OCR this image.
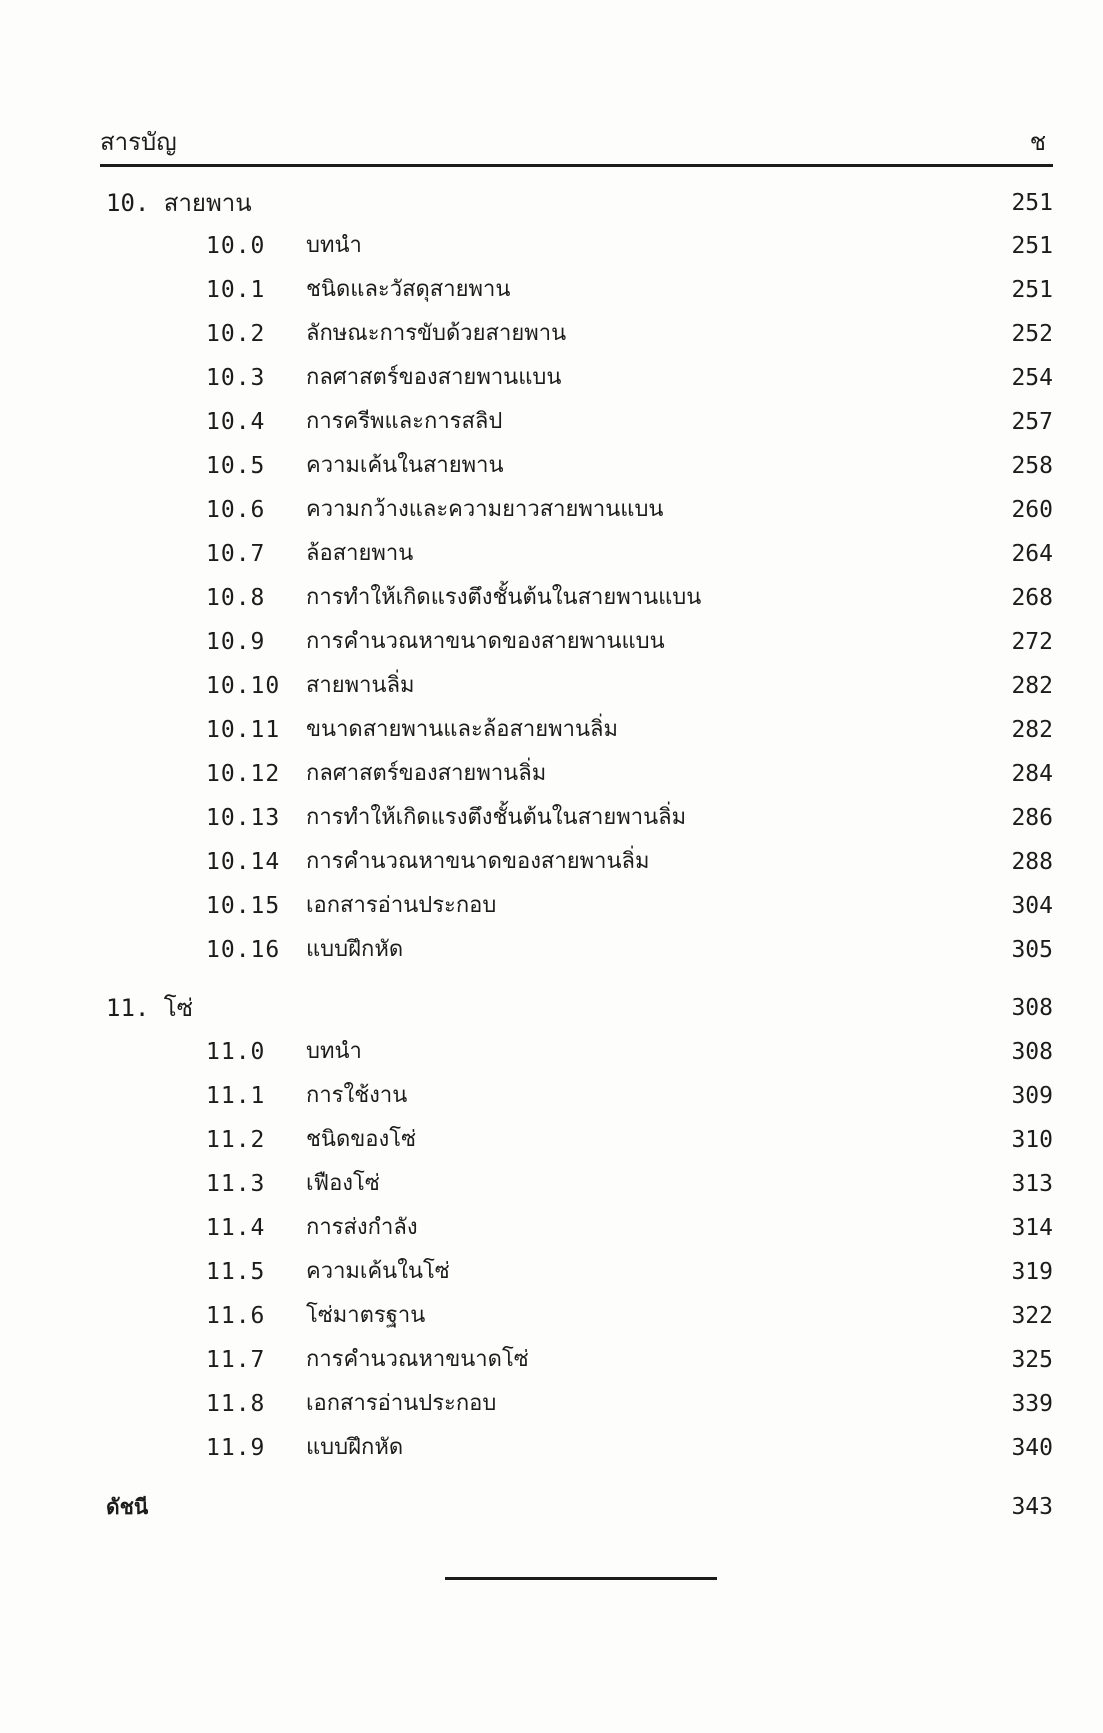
สารบัญ	ช
10. สายพาน	251
10.0 บทนำ	251
10.1 ชนิดและวัสดุสายพาน	251
10.2 ลักษณะการขับด้วยสายพาน	252
10.3 กลศาสตร์ของสายพานแบน	254
10.4 การครีพและการสลิป	257
10.5 ความเค้นในสายพาน	258
10.6 ความกว้างและความยาวสายพานแบน	260
10.7 ล้อสายพาน	264
10.8 การทำให้เกิดแรงตึงชั้นต้นในสายพานแบน	268
10.9 การคำนวณหาขนาดของสายพานแบน	272
10.10 สายพานลิ่ม	282
10.11 ขนาดสายพานและล้อสายพานลิ่ม	282
10.12 กลศาสตร์ของสายพานลิ่ม	284
10.13 การทำให้เกิดแรงตึงชั้นต้นในสายพานลิ่ม	286
10.14 การคำนวณหาขนาดของสายพานลิ่ม	288
10.15 เอกสารอ่านประกอบ	304
10.16 แบบฝึกหัด	305
11. โซ่	308
11.0 บทนำ	308
11.1 การใช้งาน	309
11.2 ชนิดของโซ่	310
11.3 เฟืองโซ่	313
11.4 การส่งกำลัง	314
11.5 ความเค้นในโซ่	319
11.6 โซ่มาตรฐาน	322
11.7 การคำนวณหาขนาดโซ่	325
11.8 เอกสารอ่านประกอบ	339
11.9 แบบฝึกหัด	340
ดัชนี	343
